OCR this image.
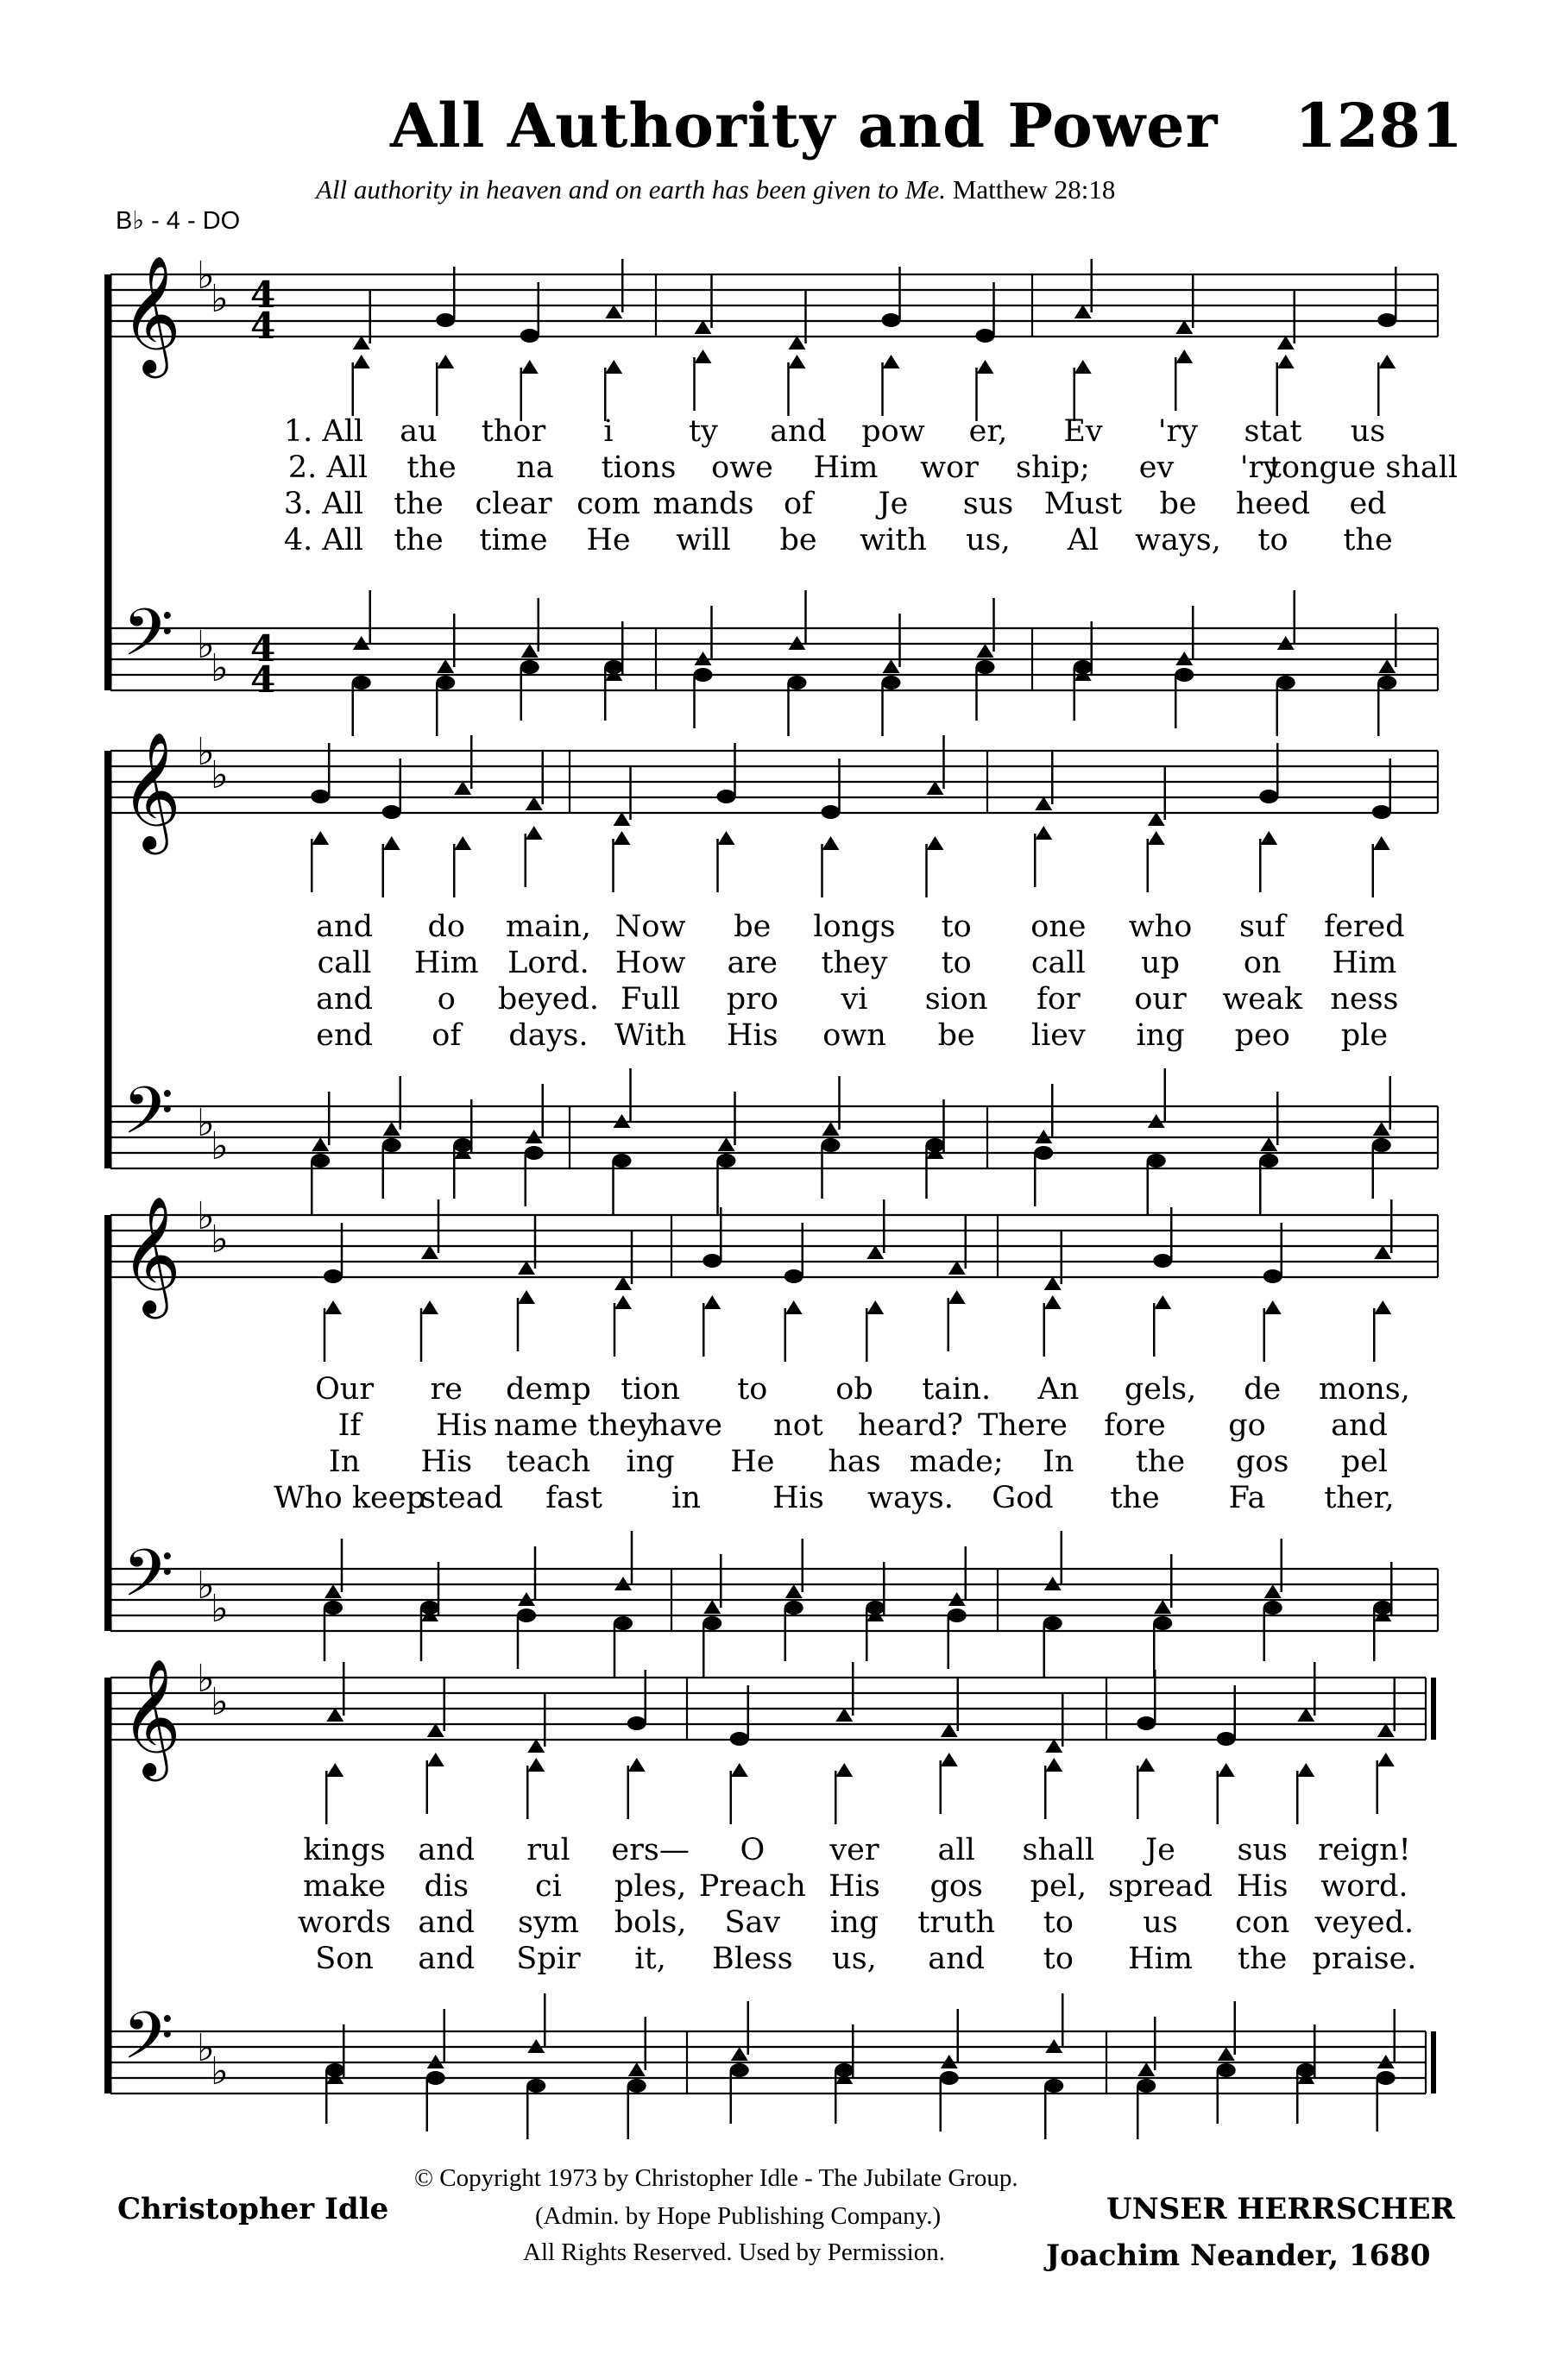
All Authority and Power 1281
All authority in heaven and on earth has been given to Me. Matthew 28:18
B♭ - 4 - DO
𝄞
𝄢
♭
♭
♭
♭
4
4
4
4
𝄞
𝄢
♭
♭
♭
♭
𝄞
𝄢
♭
♭
♭
♭
𝄞
𝄢
♭
♭
♭
♭
1. All au thor i ty and pow er, Ev 'ry stat us
2. All the na tions owe Him wor ship; ev 'ry
tongue shall
3. All the clear com mands of Je sus Must be heed ed
4. All the time He will be with us, Al ways, to the
and do main, Now be longs to one who suf fered
call Him Lord. How are they to call up on Him
and o beyed. Full pro vi sion for our weak ness
end of days. With His own be liev ing peo ple
Our re demp tion to ob tain. An gels, de mons,
If His name they
have not heard? There fore go and
In His teach ing He has made; In the gos pel
Who keep
stead fast in His ways. God the Fa ther,
kings and rul ers— O ver all shall Je sus reign!
make dis ci ples, Preach His gos pel, spread His word.
words and sym bols, Sav ing truth to us con veyed.
Son and Spir it, Bless us, and to Him the praise.
Christopher Idle
© Copyright 1973 by Christopher Idle - The Jubilate Group.
(Admin. by Hope Publishing Company.)
All Rights Reserved. Used by Permission.
UNSER HERRSCHER
Joachim Neander, 1680
